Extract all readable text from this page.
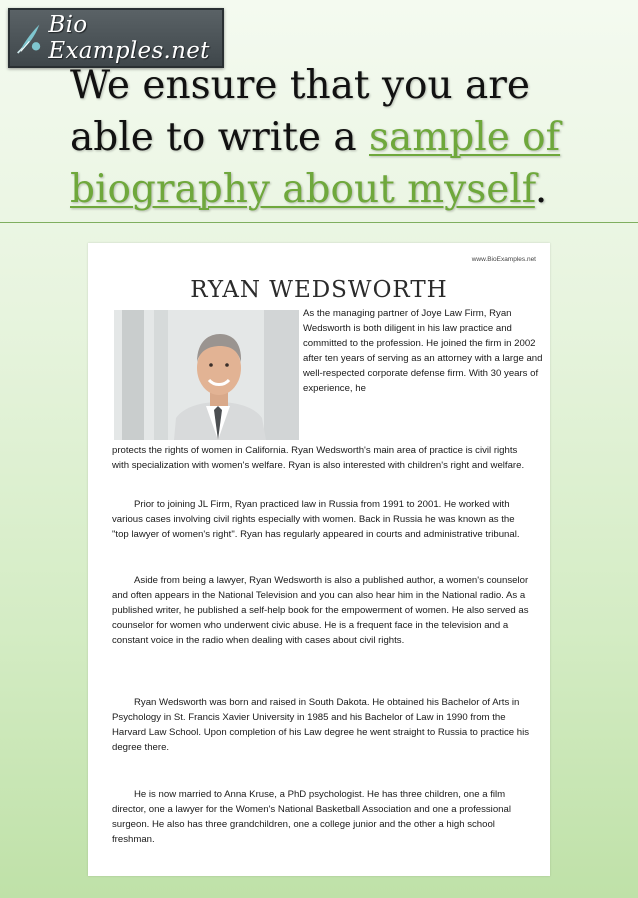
Bio Examples.net
We ensure that you are able to write a sample of biography about myself.
www.BioExamples.net
RYAN WEDSWORTH

As the managing partner of Joye Law Firm, Ryan Wedsworth is both diligent in his law practice and committed to the profession. He joined the firm in 2002 after ten years of serving as an attorney with a large and well-respected corporate defense firm. With 30 years of experience, he

protects the rights of women in California. Ryan Wedsworth's main area of practice is civil rights with specialization with women's welfare. Ryan is also interested with children's right and welfare.

Prior to joining JL Firm, Ryan practiced law in Russia from 1991 to 2001. He worked with various cases involving civil rights especially with women. Back in Russia he was known as the "top lawyer of women's right". Ryan has regularly appeared in courts and administrative tribunal.

Aside from being a lawyer, Ryan Wedsworth is also a published author, a women's counselor and often appears in the National Television and you can also hear him in the National radio. As a published writer, he published a self-help book for the empowerment of women. He also served as counselor for women who underwent civic abuse. He is a frequent face in the television and a constant voice in the radio when dealing with cases about civil rights.

Ryan Wedsworth was born and raised in South Dakota. He obtained his Bachelor of Arts in Psychology in St. Francis Xavier University in 1985 and his Bachelor of Law in 1990 from the Harvard Law School. Upon completion of his Law degree he went straight to Russia to practice his degree there.

He is now married to Anna Kruse, a PhD psychologist. He has three children, one a film director, one a lawyer for the Women's National Basketball Association and one a professional surgeon. He also has three grandchildren, one a college junior and the other a high school freshman.
